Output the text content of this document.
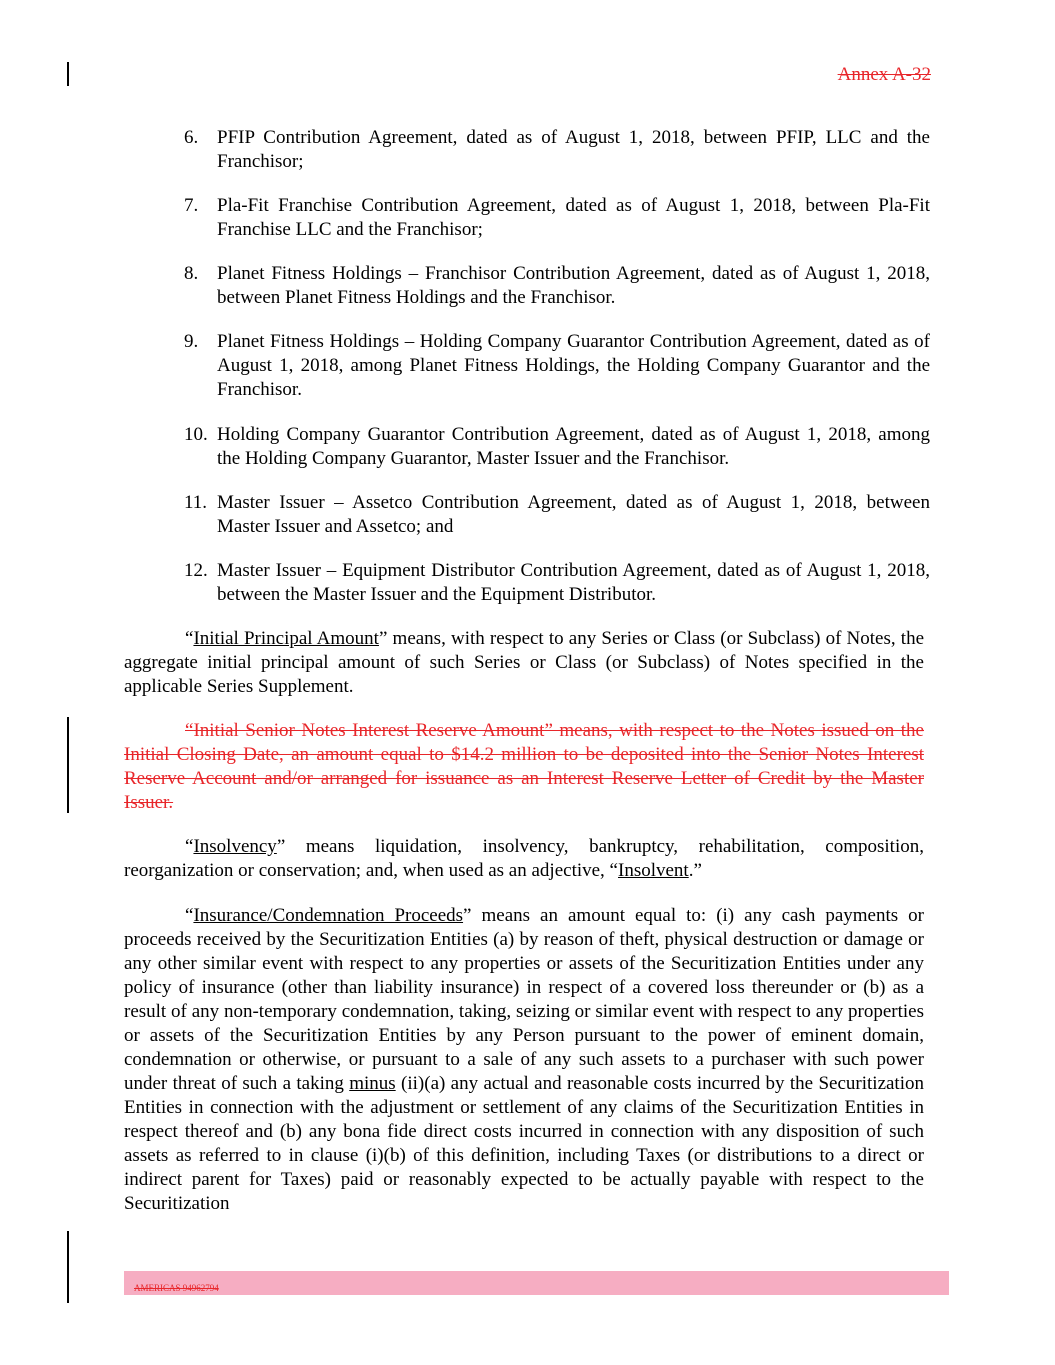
Annex A-32
6. PFIP Contribution Agreement, dated as of August 1, 2018, between PFIP, LLC and the Franchisor;
7. Pla-Fit Franchise Contribution Agreement, dated as of August 1, 2018, between Pla-Fit Franchise LLC and the Franchisor;
8. Planet Fitness Holdings – Franchisor Contribution Agreement, dated as of August 1, 2018, between Planet Fitness Holdings and the Franchisor.
9. Planet Fitness Holdings – Holding Company Guarantor Contribution Agreement, dated as of August 1, 2018, among Planet Fitness Holdings, the Holding Company Guarantor and the Franchisor.
10. Holding Company Guarantor Contribution Agreement, dated as of August 1, 2018, among the Holding Company Guarantor, Master Issuer and the Franchisor.
11. Master Issuer – Assetco Contribution Agreement, dated as of August 1, 2018, between Master Issuer and Assetco; and
12. Master Issuer – Equipment Distributor Contribution Agreement, dated as of August 1, 2018, between the Master Issuer and the Equipment Distributor.
“Initial Principal Amount” means, with respect to any Series or Class (or Subclass) of Notes, the aggregate initial principal amount of such Series or Class (or Subclass) of Notes specified in the applicable Series Supplement.
“Initial Senior Notes Interest Reserve Amount” means, with respect to the Notes issued on the Initial Closing Date, an amount equal to $14.2 million to be deposited into the Senior Notes Interest Reserve Account and/or arranged for issuance as an Interest Reserve Letter of Credit by the Master Issuer.
“Insolvency” means liquidation, insolvency, bankruptcy, rehabilitation, composition, reorganization or conservation; and, when used as an adjective, “Insolvent.”
“Insurance/Condemnation Proceeds” means an amount equal to: (i) any cash payments or proceeds received by the Securitization Entities (a) by reason of theft, physical destruction or damage or any other similar event with respect to any properties or assets of the Securitization Entities under any policy of insurance (other than liability insurance) in respect of a covered loss thereunder or (b) as a result of any non-temporary condemnation, taking, seizing or similar event with respect to any properties or assets of the Securitization Entities by any Person pursuant to the power of eminent domain, condemnation or otherwise, or pursuant to a sale of any such assets to a purchaser with such power under threat of such a taking minus (ii)(a) any actual and reasonable costs incurred by the Securitization Entities in connection with the adjustment or settlement of any claims of the Securitization Entities in respect thereof and (b) any bona fide direct costs incurred in connection with any disposition of such assets as referred to in clause (i)(b) of this definition, including Taxes (or distributions to a direct or indirect parent for Taxes) paid or reasonably expected to be actually payable with respect to the Securitization
AMERICAS 94962794
